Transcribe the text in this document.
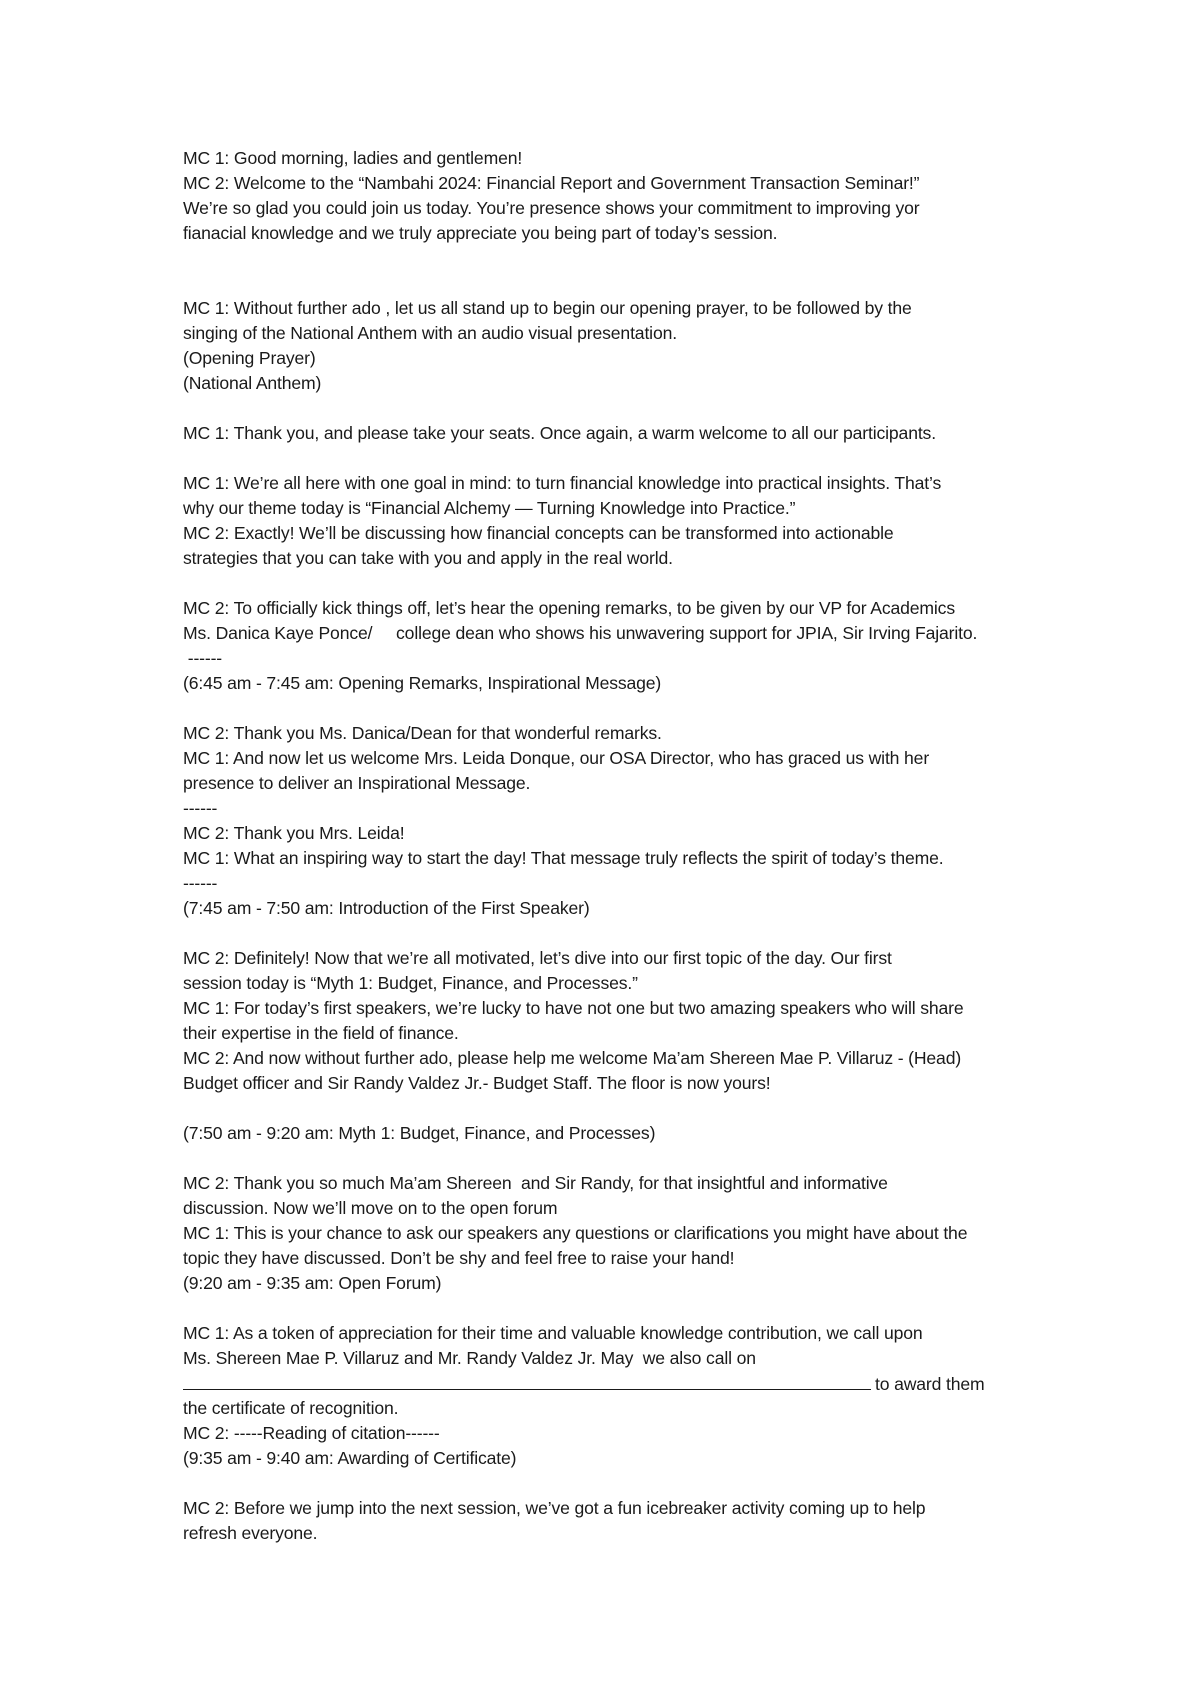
MC 1: Good morning, ladies and gentlemen!
MC 2: Welcome to the “Nambahi 2024: Financial Report and Government Transaction Seminar!”
We’re so glad you could join us today. You’re presence shows your commitment to improving yor
fianacial knowledge and we truly appreciate you being part of today’s session.
MC 1: Without further ado , let us all stand up to begin our opening prayer, to be followed by the
singing of the National Anthem with an audio visual presentation.
(Opening Prayer)
(National Anthem)
MC 1: Thank you, and please take your seats. Once again, a warm welcome to all our participants.
MC 1: We’re all here with one goal in mind: to turn financial knowledge into practical insights. That’s
why our theme today is “Financial Alchemy — Turning Knowledge into Practice.”
MC 2: Exactly! We’ll be discussing how financial concepts can be transformed into actionable
strategies that you can take with you and apply in the real world.
MC 2: To officially kick things off, let’s hear the opening remarks, to be given by our VP for Academics
Ms. Danica Kaye Ponce/     college dean who shows his unwavering support for JPIA, Sir Irving Fajarito.
------
(6:45 am - 7:45 am: Opening Remarks, Inspirational Message)
MC 2: Thank you Ms. Danica/Dean for that wonderful remarks.
MC 1: And now let us welcome Mrs. Leida Donque, our OSA Director, who has graced us with her
presence to deliver an Inspirational Message.
------
MC 2: Thank you Mrs. Leida!
MC 1: What an inspiring way to start the day! That message truly reflects the spirit of today’s theme.
------
(7:45 am - 7:50 am: Introduction of the First Speaker)
MC 2: Definitely! Now that we’re all motivated, let’s dive into our first topic of the day. Our first
session today is “Myth 1: Budget, Finance, and Processes.”
MC 1: For today’s first speakers, we’re lucky to have not one but two amazing speakers who will share
their expertise in the field of finance.
MC 2: And now without further ado, please help me welcome Ma’am Shereen Mae P. Villaruz - (Head)
Budget officer and Sir Randy Valdez Jr.- Budget Staff. The floor is now yours!
(7:50 am - 9:20 am: Myth 1: Budget, Finance, and Processes)
MC 2: Thank you so much Ma’am Shereen  and Sir Randy, for that insightful and informative
discussion. Now we’ll move on to the open forum
MC 1: This is your chance to ask our speakers any questions or clarifications you might have about the
topic they have discussed. Don’t be shy and feel free to raise your hand!
(9:20 am - 9:35 am: Open Forum)
MC 1: As a token of appreciation for their time and valuable knowledge contribution, we call upon
Ms. Shereen Mae P. Villaruz and Mr. Randy Valdez Jr. May  we also call on
to award them
the certificate of recognition.
MC 2: -----Reading of citation------
(9:35 am - 9:40 am: Awarding of Certificate)
MC 2: Before we jump into the next session, we’ve got a fun icebreaker activity coming up to help
refresh everyone.
